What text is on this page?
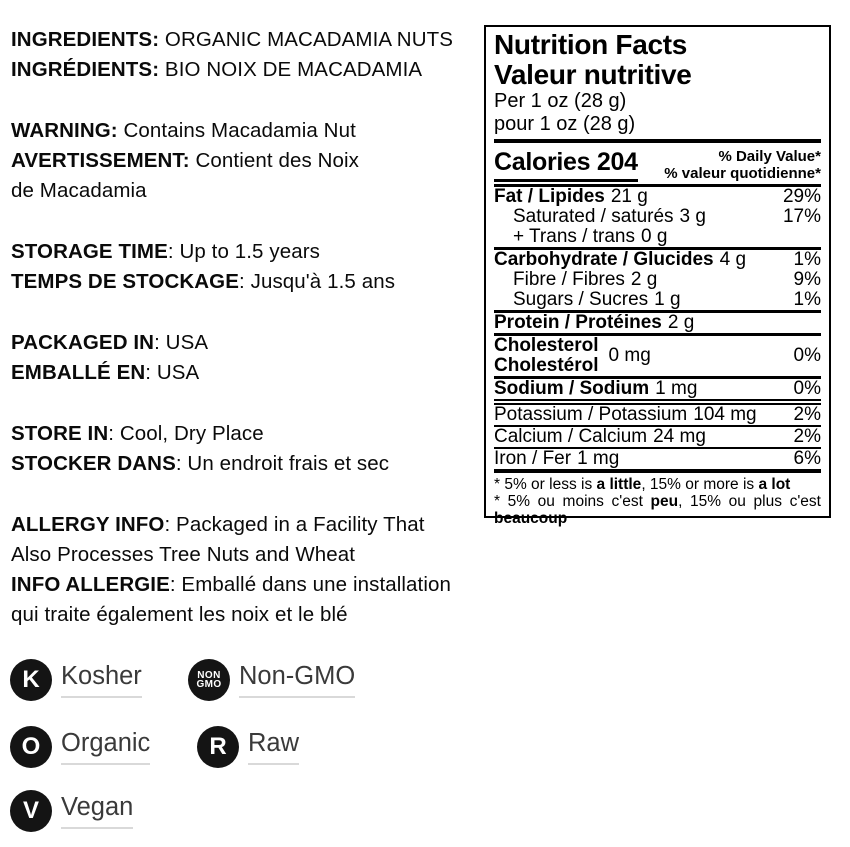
INGREDIENTS: ORGANIC MACADAMIA NUTS
INGRÉDIENTS: BIO NOIX DE MACADAMIA
WARNING: Contains Macadamia Nut
AVERTISSEMENT: Contient des Noix
de Macadamia
STORAGE TIME: Up to 1.5 years
TEMPS DE STOCKAGE: Jusqu'à 1.5 ans
PACKAGED IN: USA
EMBALLÉ EN: USA
STORE IN: Cool, Dry Place
STOCKER DANS: Un endroit frais et sec
ALLERGY INFO: Packaged in a Facility That
Also Processes Tree Nuts and Wheat
INFO ALLERGIE: Emballé dans une installation
qui traite également les noix et le blé
Nutrition Facts
Valeur nutritive
Per 1 oz (28 g)
pour 1 oz (28 g)
Calories 204	% Daily Value*
% valeur quotidienne*
Fat / Lipides 21 g	29%
Saturated / saturés 3 g	17%
+ Trans / trans 0 g
Carbohydrate / Glucides 4 g 1%
Fibre / Fibres 2 g	9%
Sugars / Sucres 1 g	1%
Protein / Protéines 2 g
Cholesterol
Cholestérol 0 mg	0%
Sodium / Sodium 1 mg	0%
Potassium / Potassium 104 mg 2%
Calcium / Calcium 24 mg	2%
Iron / Fer 1 mg	6%
* 5% or less is a little, 15% or more is a lot
* 5% ou moins c'est peu, 15% ou plus c'est beaucoup
K Kosher	NON
GMO Non-GMO
O Organic R Raw
V Vegan
